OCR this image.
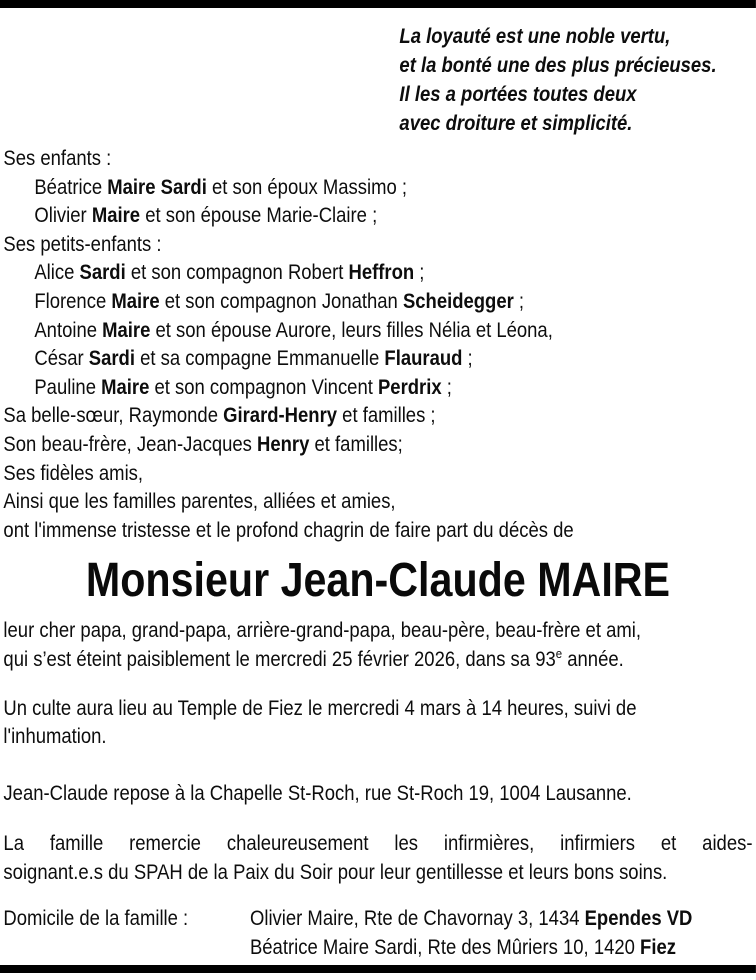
La loyauté est une noble vertu,

et la bonté une des plus précieuses.

Il les a portées toutes deux

avec droiture et simplicité.

Ses enfants :

Béatrice Maire Sardi et son époux Massimo ;

Olivier Maire et son épouse Marie-Claire ;

Ses petits-enfants :

Alice Sardi et son compagnon Robert Heffron ;

Florence Maire et son compagnon Jonathan Scheidegger ;

Antoine Maire et son épouse Aurore, leurs filles Nélia et Léona,

César Sardi et sa compagne Emmanuelle Flauraud ;

Pauline Maire et son compagnon Vincent Perdrix ;

Sa belle-sœur, Raymonde Girard-Henry et familles ;

Son beau-frère, Jean-Jacques Henry et familles;

Ses fidèles amis,

Ainsi que les familles parentes, alliées et amies,

ont l'immense tristesse et le profond chagrin de faire part du décès de

Monsieur Jean-Claude MAIRE

leur cher papa, grand-papa, arrière-grand-papa, beau-père, beau-frère et ami,

qui s’est éteint paisiblement le mercredi 25 février 2026, dans sa 93e année.

Un culte aura lieu au Temple de Fiez le mercredi 4 mars à 14 heures, suivi de

l'inhumation.

Jean-Claude repose à la Chapelle St-Roch, rue St-Roch 19, 1004 Lausanne.

La famille remercie chaleureusement les infirmières, infirmiers et aides-

soignant.e.s du SPAH de la Paix du Soir pour leur gentillesse et leurs bons soins.

Domicile de la famille :	Olivier Maire, Rte de Chavornay 3, 1434 Ependes VD

Béatrice Maire Sardi, Rte des Mûriers 10, 1420 Fiez
